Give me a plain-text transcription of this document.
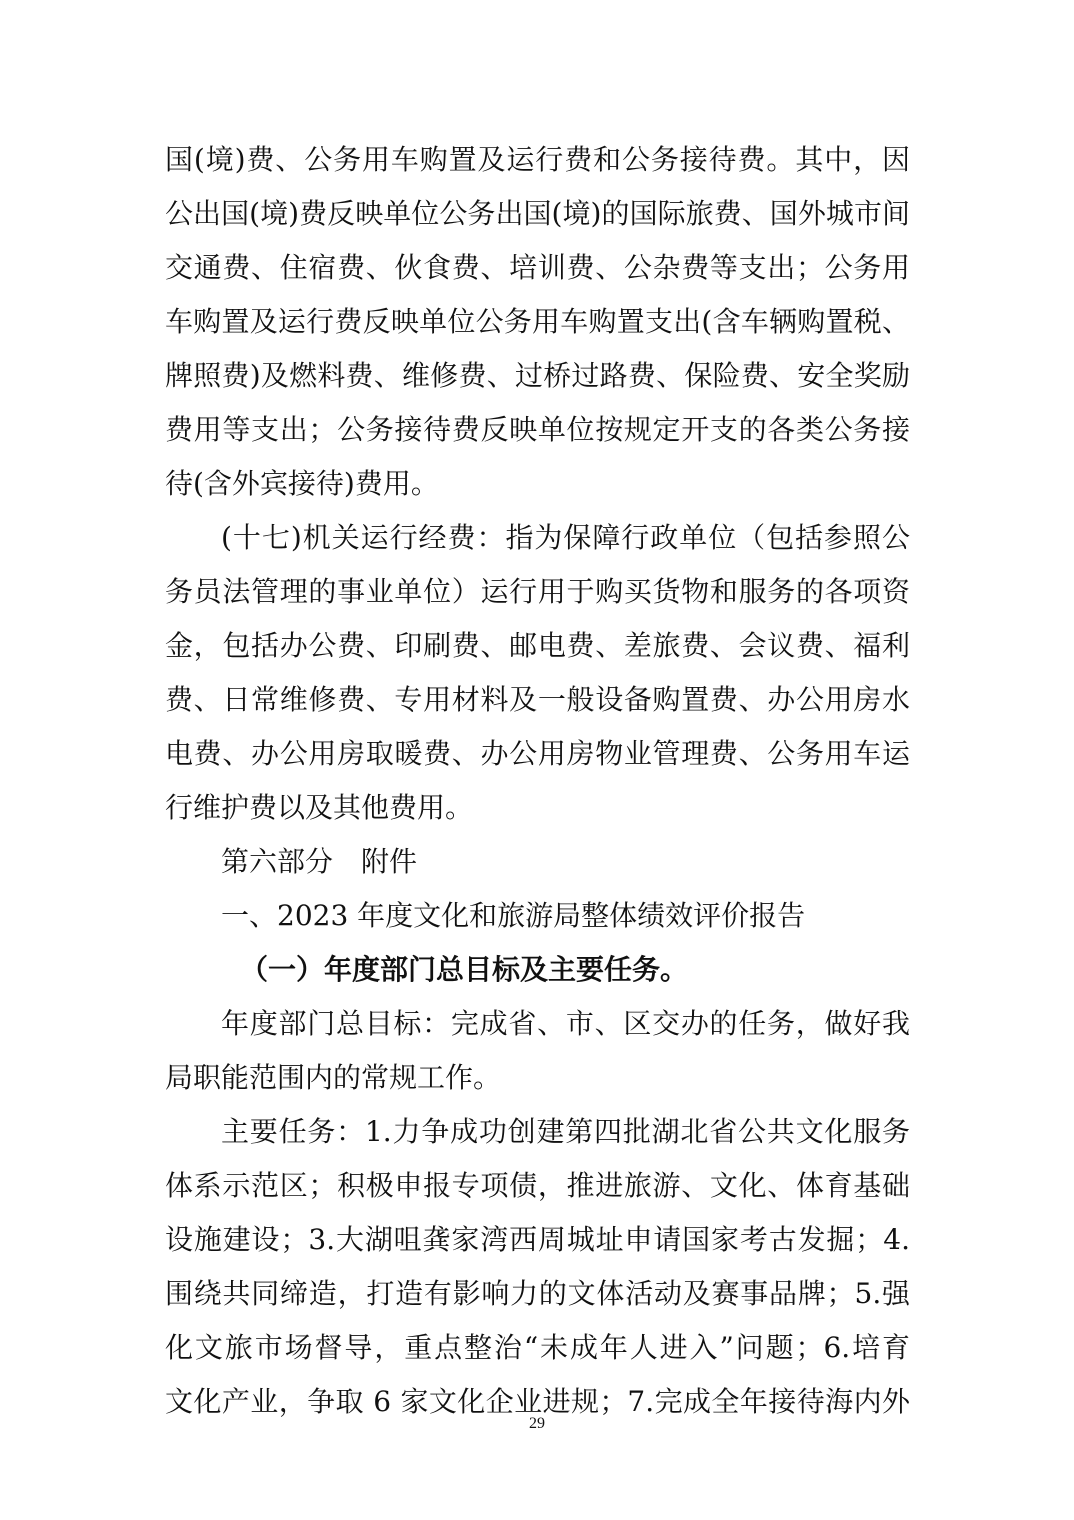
国(境)费、公务用车购置及运行费和公务接待费。其中，因
公出国(境)费反映单位公务出国(境)的国际旅费、国外城市间
交通费、住宿费、伙食费、培训费、公杂费等支出；公务用
车购置及运行费反映单位公务用车购置支出(含车辆购置税、
牌照费)及燃料费、维修费、过桥过路费、保险费、安全奖励
费用等支出；公务接待费反映单位按规定开支的各类公务接
待(含外宾接待)费用。
(十七)机关运行经费：指为保障行政单位（包括参照公
务员法管理的事业单位）运行用于购买货物和服务的各项资
金，包括办公费、印刷费、邮电费、差旅费、会议费、福利
费、日常维修费、专用材料及一般设备购置费、办公用房水
电费、办公用房取暖费、办公用房物业管理费、公务用车运
行维护费以及其他费用。
第六部分　附件
一、2023 年度文化和旅游局整体绩效评价报告
（一）年度部门总目标及主要任务。
年度部门总目标：完成省、市、区交办的任务，做好我
局职能范围内的常规工作。
主要任务：1.力争成功创建第四批湖北省公共文化服务
体系示范区；积极申报专项债，推进旅游、文化、体育基础
设施建设；3.大湖咀龚家湾西周城址申请国家考古发掘；4.
围绕共同缔造，打造有影响力的文体活动及赛事品牌；5.强
化文旅市场督导，重点整治“未成年人进入”问题；6.培育
文化产业，争取 6 家文化企业进规；7.完成全年接待海内外
29
